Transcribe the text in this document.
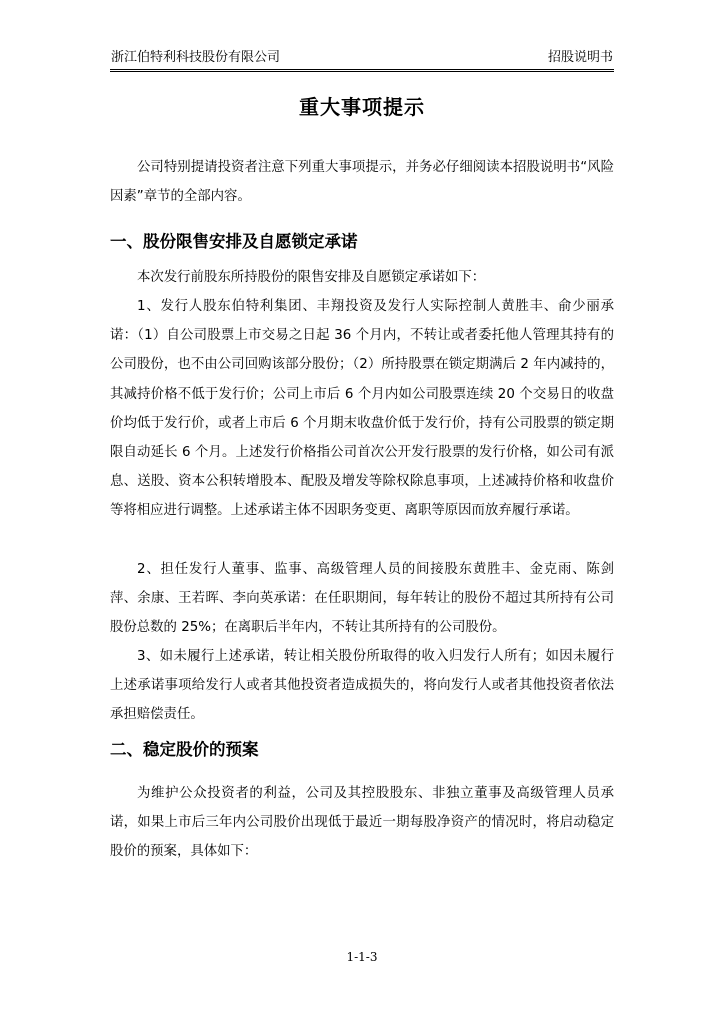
浙江伯特利科技股份有限公司	招股说明书
重大事项提示
公司特别提请投资者注意下列重大事项提示，并务必仔细阅读本招股说明书“风险因素”章节的全部内容。
一、股份限售安排及自愿锁定承诺
本次发行前股东所持股份的限售安排及自愿锁定承诺如下：
1、发行人股东伯特利集团、丰翔投资及发行人实际控制人黄胜丰、俞少丽承诺：（1）自公司股票上市交易之日起 36 个月内，不转让或者委托他人管理其持有的公司股份，也不由公司回购该部分股份；（2）所持股票在锁定期满后 2 年内减持的，其减持价格不低于发行价；公司上市后 6 个月内如公司股票连续 20 个交易日的收盘价均低于发行价，或者上市后 6 个月期末收盘价低于发行价，持有公司股票的锁定期限自动延长 6 个月。上述发行价格指公司首次公开发行股票的发行价格，如公司有派息、送股、资本公积转增股本、配股及增发等除权除息事项，上述减持价格和收盘价等将相应进行调整。上述承诺主体不因职务变更、离职等原因而放弃履行承诺。
2、担任发行人董事、监事、高级管理人员的间接股东黄胜丰、金克雨、陈剑萍、余康、王若晖、李向英承诺：在任职期间，每年转让的股份不超过其所持有公司股份总数的 25%；在离职后半年内，不转让其所持有的公司股份。
3、如未履行上述承诺，转让相关股份所取得的收入归发行人所有；如因未履行上述承诺事项给发行人或者其他投资者造成损失的，将向发行人或者其他投资者依法承担赔偿责任。
二、稳定股价的预案
为维护公众投资者的利益，公司及其控股股东、非独立董事及高级管理人员承诺，如果上市后三年内公司股价出现低于最近一期每股净资产的情况时，将启动稳定股价的预案，具体如下：
1-1-3
